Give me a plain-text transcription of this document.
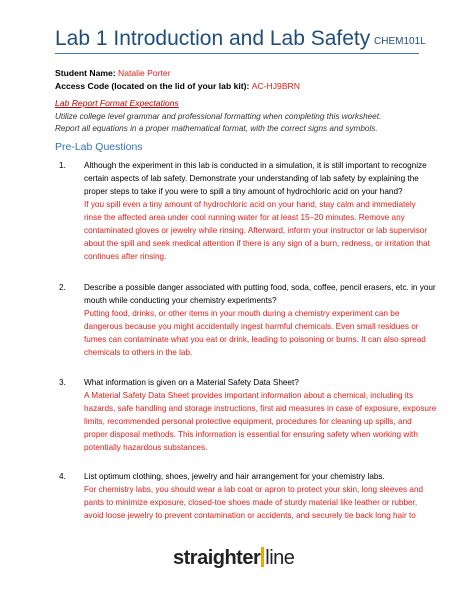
Lab 1 Introduction and Lab Safety CHEM101L
Student Name: Natalie Porter
Access Code (located on the lid of your lab kit): AC-HJ9BRN
Lab Report Format Expectations
Utilize college level grammar and professional formatting when completing this worksheet.
Report all equations in a proper mathematical format, with the correct signs and symbols.
Pre-Lab Questions
1. Although the experiment in this lab is conducted in a simulation, it is still important to recognize
certain aspects of lab safety. Demonstrate your understanding of lab safety by explaining the
proper steps to take if you were to spill a tiny amount of hydrochloric acid on your hand?
If you spill even a tiny amount of hydrochloric acid on your hand, stay calm and immediately
rinse the affected area under cool running water for at least 15–20 minutes. Remove any
contaminated gloves or jewelry while rinsing. Afterward, inform your instructor or lab supervisor
about the spill and seek medical attention if there is any sign of a burn, redness, or irritation that
continues after rinsing.
2. Describe a possible danger associated with putting food, soda, coffee, pencil erasers, etc. in your
mouth while conducting your chemistry experiments?
Putting food, drinks, or other items in your mouth during a chemistry experiment can be
dangerous because you might accidentally ingest harmful chemicals. Even small residues or
fumes can contaminate what you eat or drink, leading to poisoning or burns. It can also spread
chemicals to others in the lab.
3. What information is given on a Material Safety Data Sheet?
A Material Safety Data Sheet provides important information about a chemical, including its
hazards, safe handling and storage instructions, first aid measures in case of exposure, exposure
limits, recommended personal protective equipment, procedures for cleaning up spills, and
proper disposal methods. This information is essential for ensuring safety when working with
potentially hazardous substances.
4. List optimum clothing, shoes, jewelry and hair arrangement for your chemistry labs.
For chemistry labs, you should wear a lab coat or apron to protect your skin, long sleeves and
pants to minimize exposure, closed-toe shoes made of sturdy material like leather or rubber,
avoid loose jewelry to prevent contamination or accidents, and securely tie back long hair to
straighter line
